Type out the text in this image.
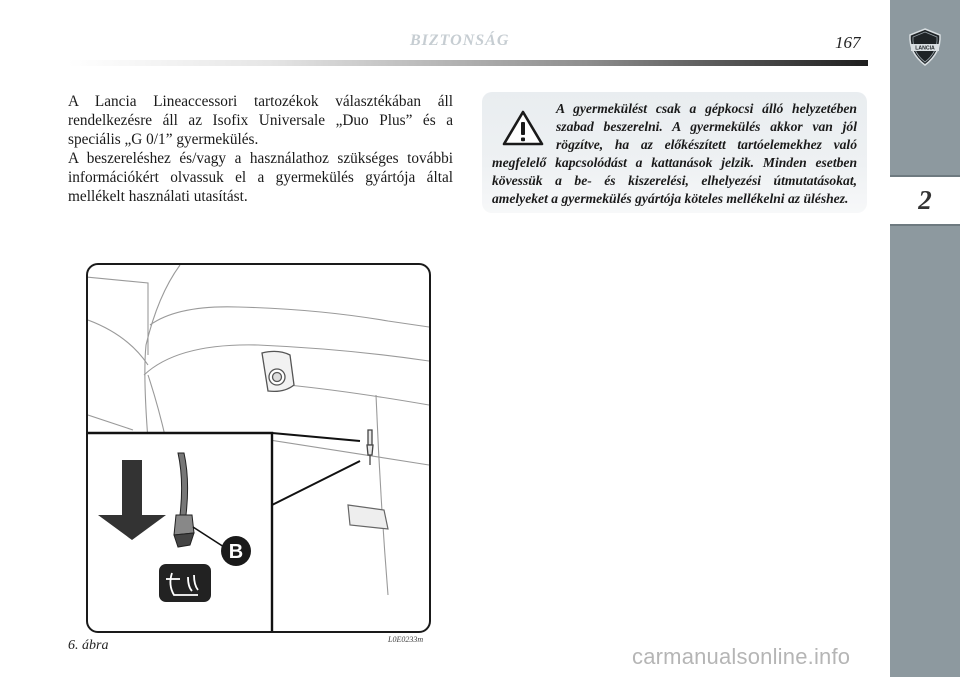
BIZTONSÁG	167	LANCIA
2

A Lancia Lineaccessori tartozékok választékában áll rendelkezésre áll az Isofix Universale „Duo Plus” és a speciális „G 0/1” gyermekülés.

A beszereléshez és/vagy a használathoz szükséges további információkért olvassuk el a gyermekülés gyártója által mellékelt használati utasítást.

A gyermekülést csak a gépkocsi álló helyzetében szabad beszerelni. A gyermekülés akkor van jól rögzítve, ha az előkészített tartóelemekhez való megfelelő kapcsolódást a kattanások jelzik. Minden esetben kövessük a be- és kiszerelési, elhelyezési útmutatásokat, amelyeket a gyermekülés gyártója köteles mellékelni az üléshez.

B
6. ábra	L0E0233m
carmanualsonline.info
